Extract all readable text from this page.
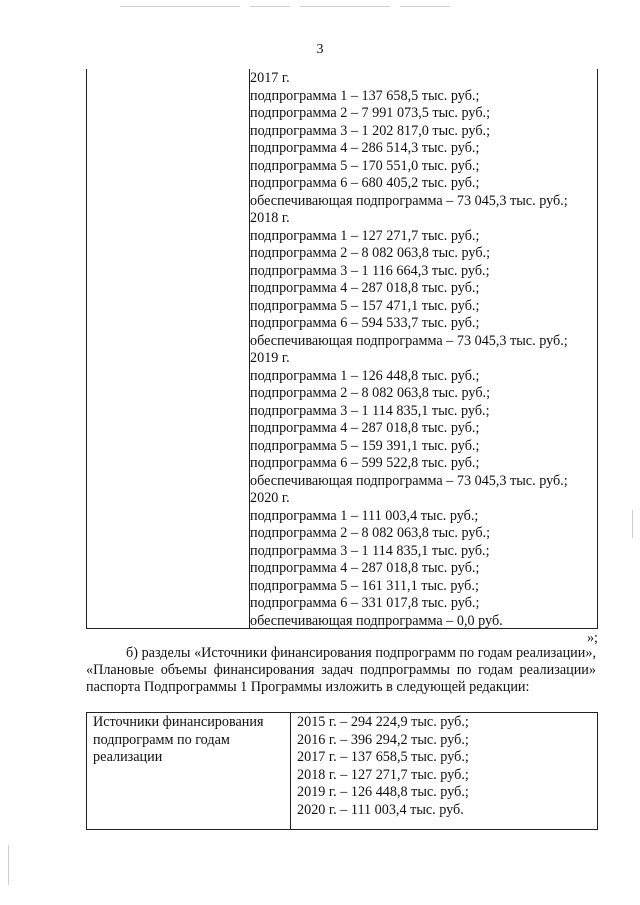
3
2017 г.
подпрограмма 1 – 137 658,5 тыс. руб.;
подпрограмма 2 – 7 991 073,5 тыс. руб.;
подпрограмма 3 – 1 202 817,0 тыс. руб.;
подпрограмма 4 – 286 514,3 тыс. руб.;
подпрограмма 5 – 170 551,0 тыс. руб.;
подпрограмма 6 – 680 405,2 тыс. руб.;
обеспечивающая подпрограмма – 73 045,3 тыс. руб.;
2018 г.
подпрограмма 1 – 127 271,7 тыс. руб.;
подпрограмма 2 – 8 082 063,8 тыс. руб.;
подпрограмма 3 – 1 116 664,3 тыс. руб.;
подпрограмма 4 – 287 018,8 тыс. руб.;
подпрограмма 5 – 157 471,1 тыс. руб.;
подпрограмма 6 – 594 533,7 тыс. руб.;
обеспечивающая подпрограмма – 73 045,3 тыс. руб.;
2019 г.
подпрограмма 1 – 126 448,8 тыс. руб.;
подпрограмма 2 – 8 082 063,8 тыс. руб.;
подпрограмма 3 – 1 114 835,1 тыс. руб.;
подпрограмма 4 – 287 018,8 тыс. руб.;
подпрограмма 5 – 159 391,1 тыс. руб.;
подпрограмма 6 – 599 522,8 тыс. руб.;
обеспечивающая подпрограмма – 73 045,3 тыс. руб.;
2020 г.
подпрограмма 1 – 111 003,4 тыс. руб.;
подпрограмма 2 – 8 082 063,8 тыс. руб.;
подпрограмма 3 – 1 114 835,1 тыс. руб.;
подпрограмма 4 – 287 018,8 тыс. руб.;
подпрограмма 5 – 161 311,1 тыс. руб.;
подпрограмма 6 – 331 017,8 тыс. руб.;
обеспечивающая подпрограмма – 0,0 руб.
»;
б) разделы «Источники финансирования подпрограмм по годам реализации», «Плановые объемы финансирования задач подпрограммы по годам реализации» паспорта Подпрограммы 1 Программы изложить в следующей редакции:
Источники финансирования
подпрограмм по годам
реализации
2015 г. – 294 224,9 тыс. руб.;
2016 г. – 396 294,2 тыс. руб.;
2017 г. – 137 658,5 тыс. руб.;
2018 г. – 127 271,7 тыс. руб.;
2019 г. – 126 448,8 тыс. руб.;
2020 г. – 111 003,4 тыс. руб.
